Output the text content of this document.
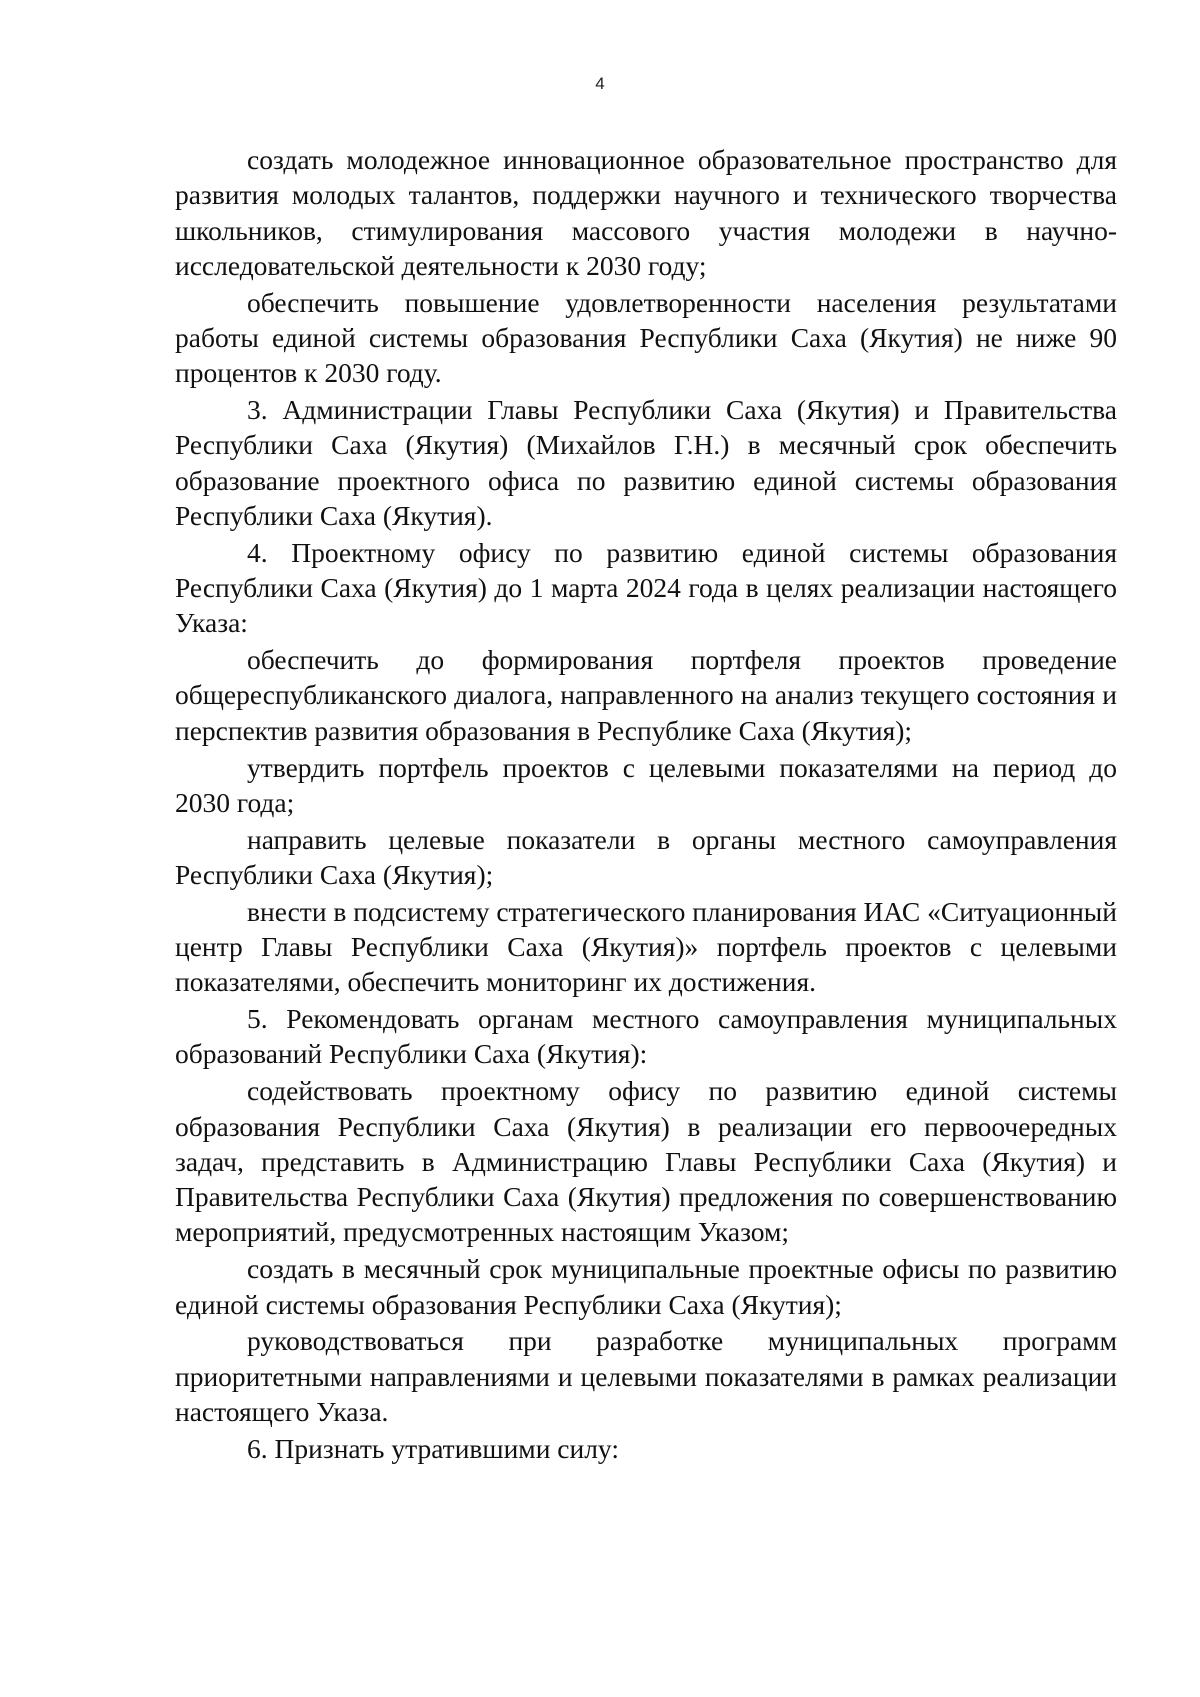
4

создать молодежное инновационное образовательное пространство для развития молодых талантов, поддержки научного и технического творчества школьников, стимулирования массового участия молодежи в научно-исследовательской деятельности к 2030 году;

обеспечить повышение удовлетворенности населения результатами работы единой системы образования Республики Саха (Якутия) не ниже 90 процентов к 2030 году.

3. Администрации Главы Республики Саха (Якутия) и Правительства Республики Саха (Якутия) (Михайлов Г.Н.) в месячный срок обеспечить образование проектного офиса по развитию единой системы образования Республики Саха (Якутия).

4. Проектному офису по развитию единой системы образования Республики Саха (Якутия) до 1 марта 2024 года в целях реализации настоящего Указа:

обеспечить до формирования портфеля проектов проведение общереспубликанского диалога, направленного на анализ текущего состояния и перспектив развития образования в Республике Саха (Якутия);

утвердить портфель проектов с целевыми показателями на период до 2030 года;

направить целевые показатели в органы местного самоуправления Республики Саха (Якутия);

внести в подсистему стратегического планирования ИАС «Ситуационный центр Главы Республики Саха (Якутия)» портфель проектов с целевыми показателями, обеспечить мониторинг их достижения.

5. Рекомендовать органам местного самоуправления муниципальных образований Республики Саха (Якутия):

содействовать проектному офису по развитию единой системы образования Республики Саха (Якутия) в реализации его первоочередных задач, представить в Администрацию Главы Республики Саха (Якутия) и Правительства Республики Саха (Якутия) предложения по совершенствованию мероприятий, предусмотренных настоящим Указом;

создать в месячный срок муниципальные проектные офисы по развитию единой системы образования Республики Саха (Якутия);

руководствоваться при разработке муниципальных программ приоритетными направлениями и целевыми показателями в рамках реализации настоящего Указа.

6. Признать утратившими силу:
